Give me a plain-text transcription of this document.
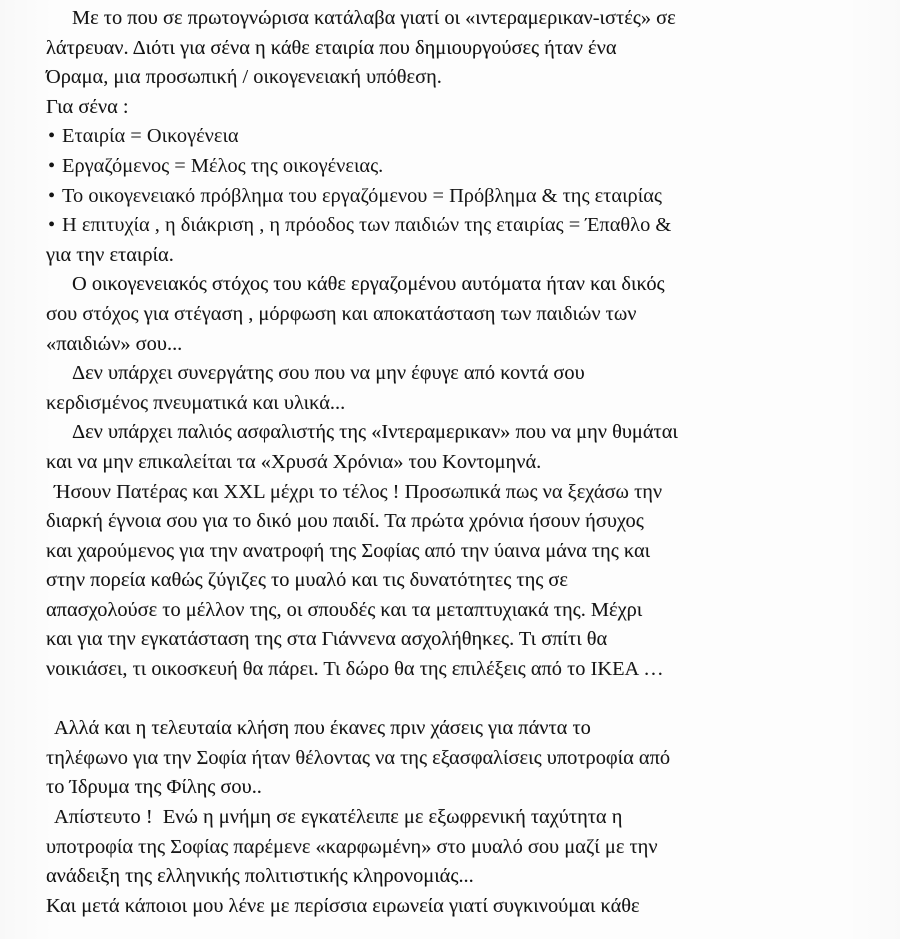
Με το που σε πρωτογνώρισα κατάλαβα γιατί οι «ιντεραμερικαν-ιστές» σε
λάτρευαν. Διότι για σένα η κάθε εταιρία που δημιουργούσες ήταν ένα
Όραμα, μια προσωπική / οικογενειακή υπόθεση.
Για σένα :
• Εταιρία = Οικογένεια
• Εργαζόμενος = Μέλος της οικογένειας.
• Το οικογενειακό πρόβλημα του εργαζόμενου = Πρόβλημα & της εταιρίας
• Η επιτυχία , η διάκριση , η πρόοδος των παιδιών της εταιρίας = Έπαθλο &
για την εταιρία.
Ο οικογενειακός στόχος του κάθε εργαζομένου αυτόματα ήταν και δικός
σου στόχος για στέγαση , μόρφωση και αποκατάσταση των παιδιών των
«παιδιών» σου...
Δεν υπάρχει συνεργάτης σου που να μην έφυγε από κοντά σου
κερδισμένος πνευματικά και υλικά...
Δεν υπάρχει παλιός ασφαλιστής της «Ιντεραμερικαν» που να μην θυμάται
και να μην επικαλείται τα «Χρυσά Χρόνια» του Κοντομηνά.
Ήσουν Πατέρας και XXL μέχρι το τέλος ! Προσωπικά πως να ξεχάσω την
διαρκή έγνοια σου για το δικό μου παιδί. Τα πρώτα χρόνια ήσουν ήσυχος
και χαρούμενος για την ανατροφή της Σοφίας από την ύαινα μάνα της και
στην πορεία καθώς ζύγιζες το μυαλό και τις δυνατότητες της σε
απασχολούσε το μέλλον της, οι σπουδές και τα μεταπτυχιακά της. Μέχρι
και για την εγκατάσταση της στα Γιάννενα ασχολήθηκες. Τι σπίτι θα
νοικιάσει, τι οικοσκευή θα πάρει. Τι δώρο θα της επιλέξεις από το IKEA …
Αλλά και η τελευταία κλήση που έκανες πριν χάσεις για πάντα το
τηλέφωνο για την Σοφία ήταν θέλοντας να της εξασφαλίσεις υποτροφία από
το Ίδρυμα της Φίλης σου..
Απίστευτο !  Ενώ η μνήμη σε εγκατέλειπε με εξωφρενική ταχύτητα η
υποτροφία της Σοφίας παρέμενε «καρφωμένη» στο μυαλό σου μαζί με την
ανάδειξη της ελληνικής πολιτιστικής κληρονομιάς...
Και μετά κάποιοι μου λένε με περίσσια ειρωνεία γιατί συγκινούμαι κάθε
